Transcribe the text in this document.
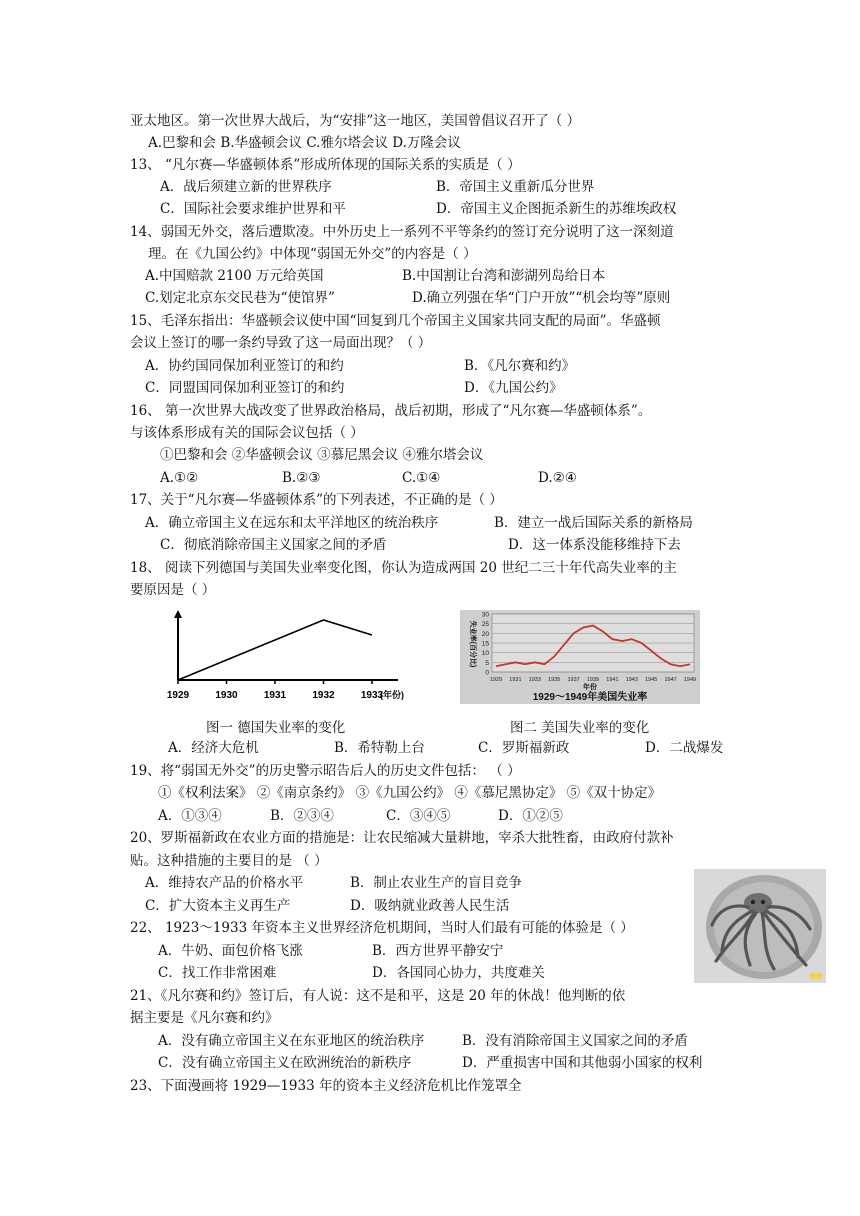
亚太地区。第一次世界大战后，为“安排”这一地区，美国曾倡议召开了（ ）
A.巴黎和会 B.华盛顿会议 C.雅尔塔会议 D.万隆会议
13、 “凡尔赛—华盛顿体系”形成所体现的国际关系的实质是（ ）
A．战后须建立新的世界秩序	B．帝国主义重新瓜分世界
C．国际社会要求维护世界和平	D．帝国主义企图扼杀新生的苏维埃政权
14、弱国无外交，落后遭欺凌。中外历史上一系列不平等条约的签订充分说明了这一深刻道
理。在《九国公约》中体现“弱国无外交”的内容是（ ）
A.中国赔款 2100 万元给英国	B.中国割让台湾和澎湖列岛给日本
C.划定北京东交民巷为“使馆界”	D.确立列强在华“门户开放”“机会均等”原则
15、毛泽东指出：华盛顿会议使中国“回复到几个帝国主义国家共同支配的局面”。华盛顿
会议上签订的哪一条约导致了这一局面出现？（ ）
A．协约国同保加利亚签订的和约	B．《凡尔赛和约》
C．同盟国同保加利亚签订的和约	D．《九国公约》
16、 第一次世界大战改变了世界政治格局，战后初期，形成了“凡尔赛—华盛顿体系”。
与该体系形成有关的国际会议包括（ ）
①巴黎和会 ②华盛顿会议 ③慕尼黑会议 ④雅尔塔会议
A.①②	B.②③	C.①④	D.②④
17、关于“凡尔赛—华盛顿体系”的下列表述，不正确的是（ ）
A．确立帝国主义在远东和太平洋地区的统治秩序	B．建立一战后国际关系的新格局
C．彻底消除帝国主义国家之间的矛盾	D．这一体系没能移维持下去
18、 阅读下列德国与美国失业率变化图，你认为造成两国 20 世纪二三十年代高失业率的主
要原因是（ ）
1929	1930	1931	1932	1933
(年份)
0
5
10
15
20
25
30
1929 1931 1933 1935 1937 1939 1941 1943 1945 1947 1949
失业率(百分比)
年份
1929～1949年美国失业率
图一 德国失业率的变化	图二 美国失业率的变化
A．经济大危机	B．希特勒上台	C．罗斯福新政	D．二战爆发
19、将“弱国无外交”的历史警示昭告后人的历史文件包括： （ ）
①《权利法案》 ②《南京条约》 ③《九国公约》 ④《慕尼黑协定》 ⑤《双十协定》
A．①③④	B．②③④	C．③④⑤	D．①②⑤
20、罗斯福新政在农业方面的措施是：让农民缩减大量耕地，宰杀大批牲畜，由政府付款补
贴。这种措施的主要目的是 （ ）
A．维持农产品的价格水平	B．制止农业生产的盲目竞争
C．扩大资本主义再生产	D．吸纳就业政善人民生活
22、 1923～1933 年资本主义世界经济危机期间，当时人们最有可能的体验是（ ）
A．牛奶、面包价格飞涨	B．西方世界平静安宁
C．找工作非常困难	D．各国同心协力，共度难关
21、《凡尔赛和约》签订后，有人说：这不是和平，这是 20 年的休战！他判断的依
据主要是《凡尔赛和约》
A．没有确立帝国主义在东亚地区的统治秩序	B．没有消除帝国主义国家之间的矛盾
C．没有确立帝国主义在欧洲统治的新秩序	D．严重损害中国和其他弱小国家的权利
23、下面漫画将 1929—1933 年的资本主义经济危机比作笼罩全
